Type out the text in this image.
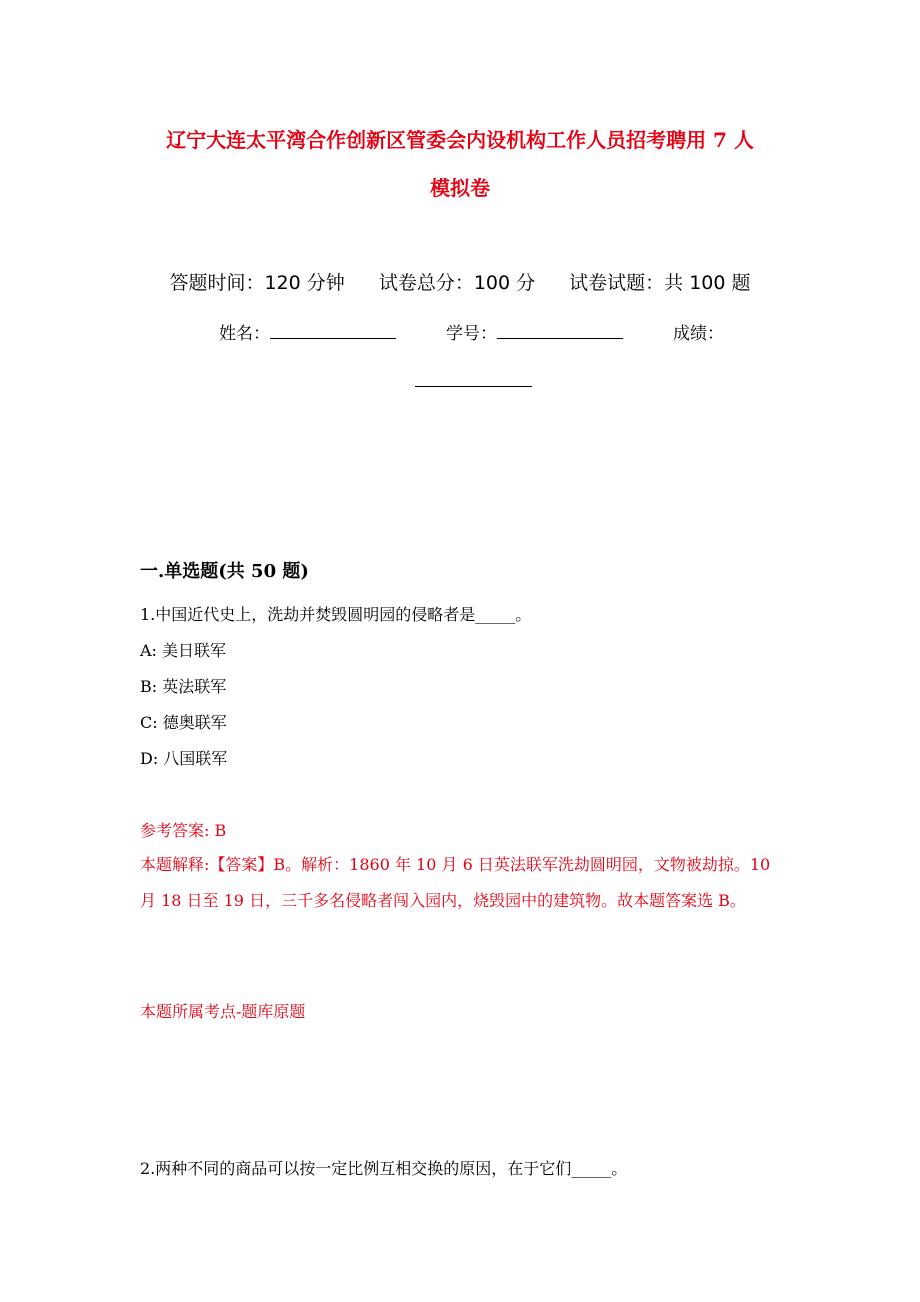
辽宁大连太平湾合作创新区管委会内设机构工作人员招考聘用 7 人
模拟卷
答题时间：120 分钟 试卷总分：100 分 试卷试题：共 100 题
姓名：	学号：	成绩：
一.单选题(共 50 题)
1.中国近代史上，洗劫并焚毁圆明园的侵略者是_____。
A: 美日联军
B: 英法联军
C: 德奥联军
D: 八国联军
参考答案: B
本题解释:【答案】B。解析：1860 年 10 月 6 日英法联军洗劫圆明园，文物被劫掠。10 月 18 日至 19 日，三千多名侵略者闯入园内，烧毁园中的建筑物。故本题答案选 B。
本题所属考点-题库原题
2.两种不同的商品可以按一定比例互相交换的原因，在于它们_____。
